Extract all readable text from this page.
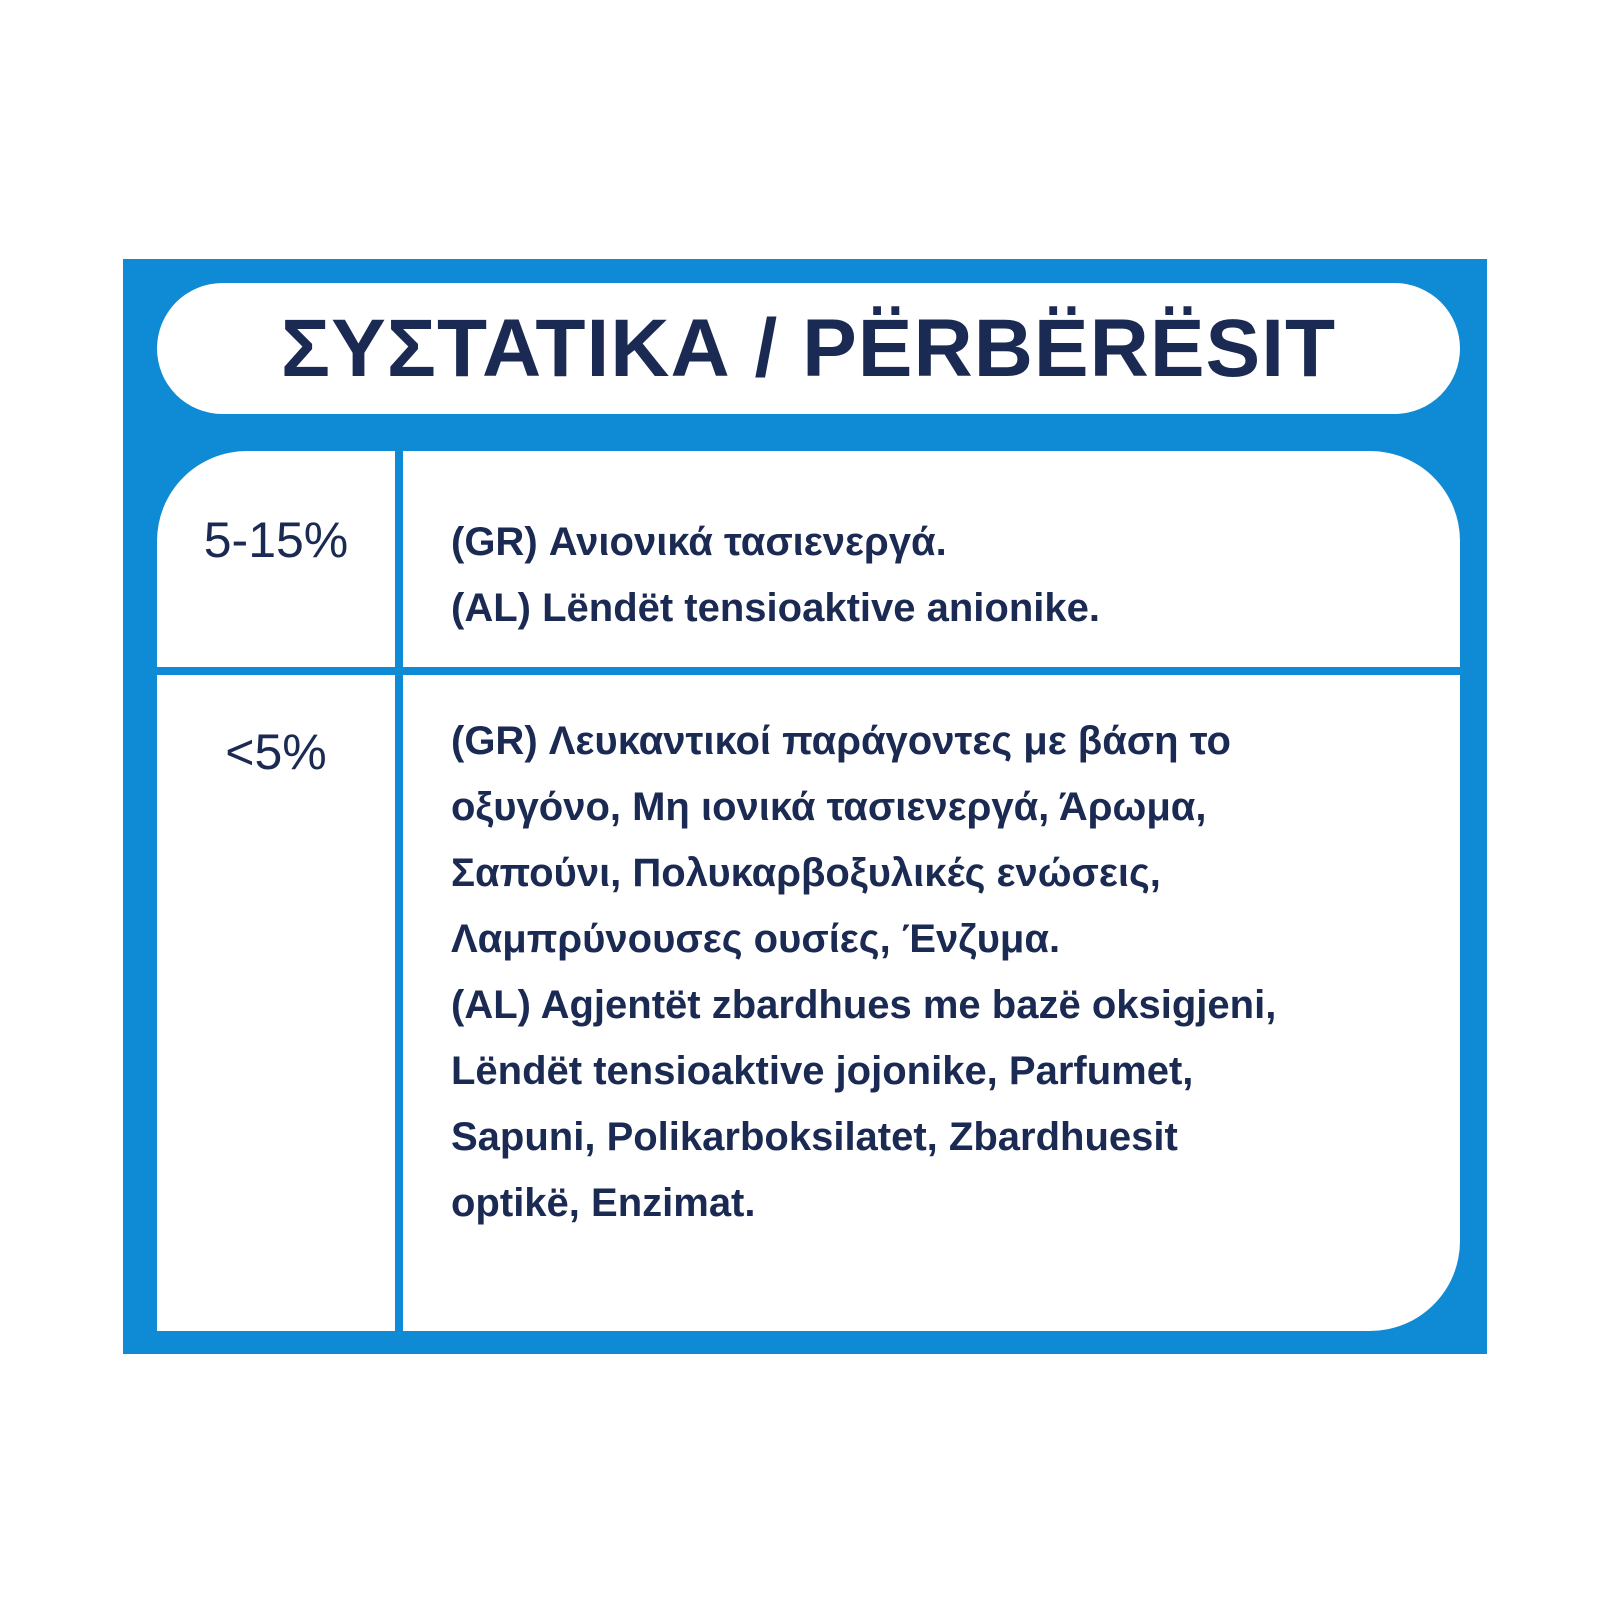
ΣΥΣΤΑΤΙΚΑ / PËRBËRËSIT
5-15%	(GR) Ανιονικά τασιενεργά.
(AL) Lëndët tensioaktive anionike.
<5%	(GR) Λευκαντικοί παράγοντες με βάση το
οξυγόνο, Μη ιονικά τασιενεργά, Άρωμα,
Σαπούνι, Πολυκαρβοξυλικές ενώσεις,
Λαμπρύνουσες ουσίες, Ένζυμα.
(AL) Agjentët zbardhues me bazë oksigjeni,
Lëndët tensioaktive jojonike, Parfumet,
Sapuni, Polikarboksilatet, Zbardhuesit
optikë, Enzimat.
